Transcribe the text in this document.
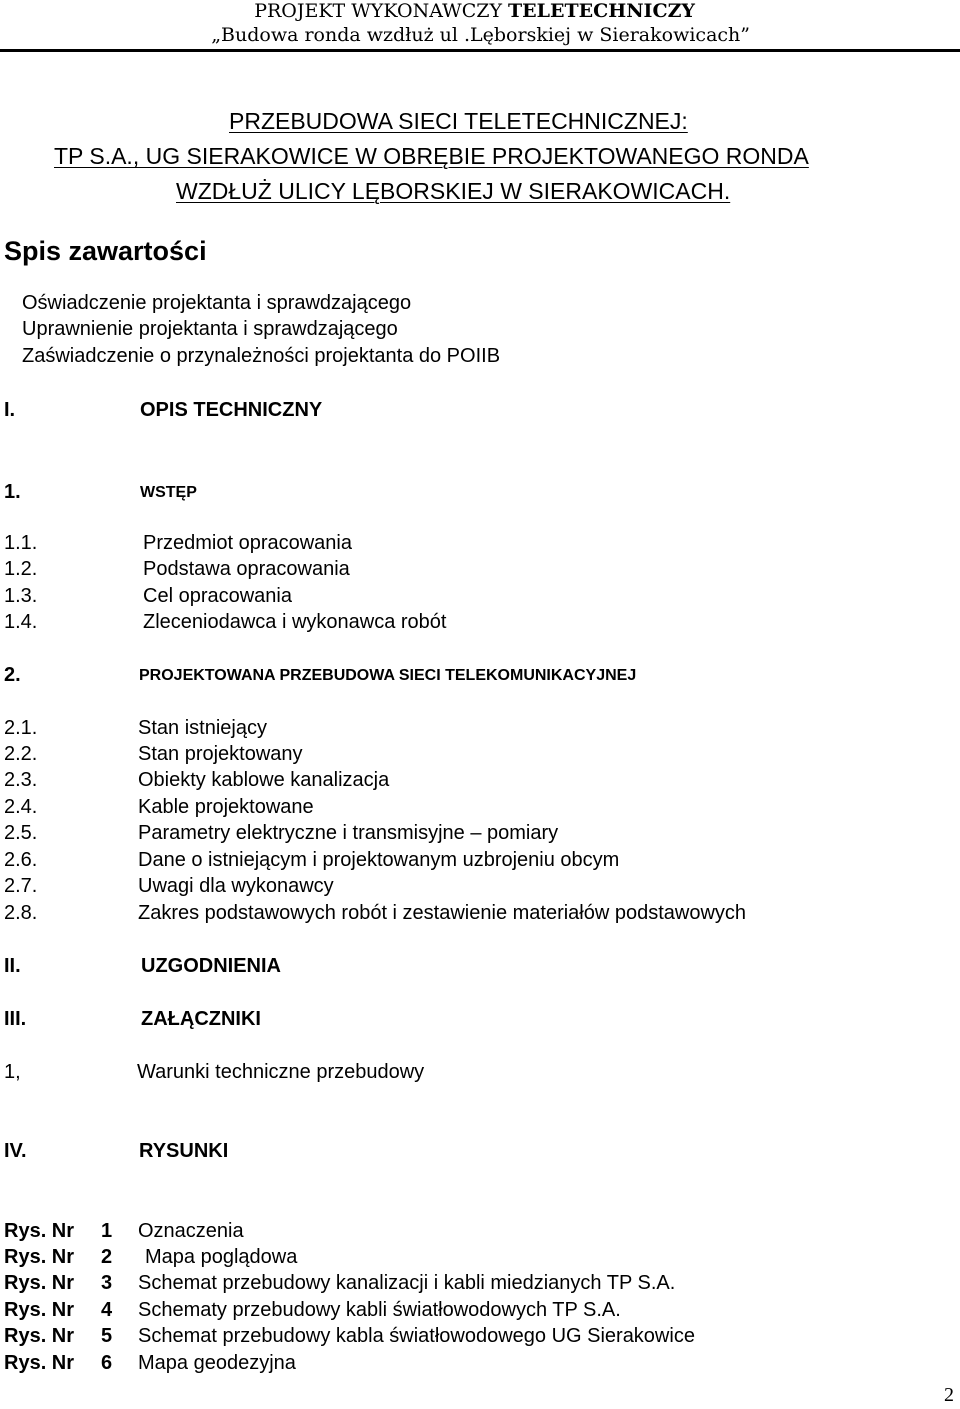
PROJEKT WYKONAWCZY TELETECHNICZY
„Budowa ronda wzdłuż ul .Lęborskiej w Sierakowicach”
PRZEBUDOWA SIECI TELETECHNICZNEJ:
TP S.A., UG SIERAKOWICE W OBRĘBIE PROJEKTOWANEGO RONDA
WZDŁUŻ ULICY LĘBORSKIEJ W SIERAKOWICACH.
Spis zawartości
Oświadczenie projektanta i sprawdzającego
Uprawnienie projektanta i sprawdzającego
Zaświadczenie o przynależności projektanta do POIIB
I.	OPIS TECHNICZNY
1.	WSTĘP
1.1.	Przedmiot opracowania
1.2.	Podstawa opracowania
1.3.	Cel opracowania
1.4.	Zleceniodawca i wykonawca robót
2.	PROJEKTOWANA PRZEBUDOWA SIECI TELEKOMUNIKACYJNEJ
2.1.	Stan istniejący
2.2.	Stan projektowany
2.3.	Obiekty kablowe kanalizacja
2.4.	Kable projektowane
2.5.	Parametry elektryczne i transmisyjne – pomiary
2.6.	Dane o istniejącym i projektowanym uzbrojeniu obcym
2.7.	Uwagi dla wykonawcy
2.8.	Zakres podstawowych robót i zestawienie materiałów podstawowych
II.	UZGODNIENIA
III.	ZAŁĄCZNIKI
1,	Warunki techniczne przebudowy
IV.	RYSUNKI
Rys. Nr 1 Oznaczenia
Rys. Nr 2 Mapa poglądowa
Rys. Nr 3 Schemat przebudowy kanalizacji i kabli miedzianych TP S.A.
Rys. Nr 4 Schematy przebudowy kabli światłowodowych TP S.A.
Rys. Nr 5 Schemat przebudowy kabla światłowodowego UG Sierakowice
Rys. Nr 6 Mapa geodezyjna
2
